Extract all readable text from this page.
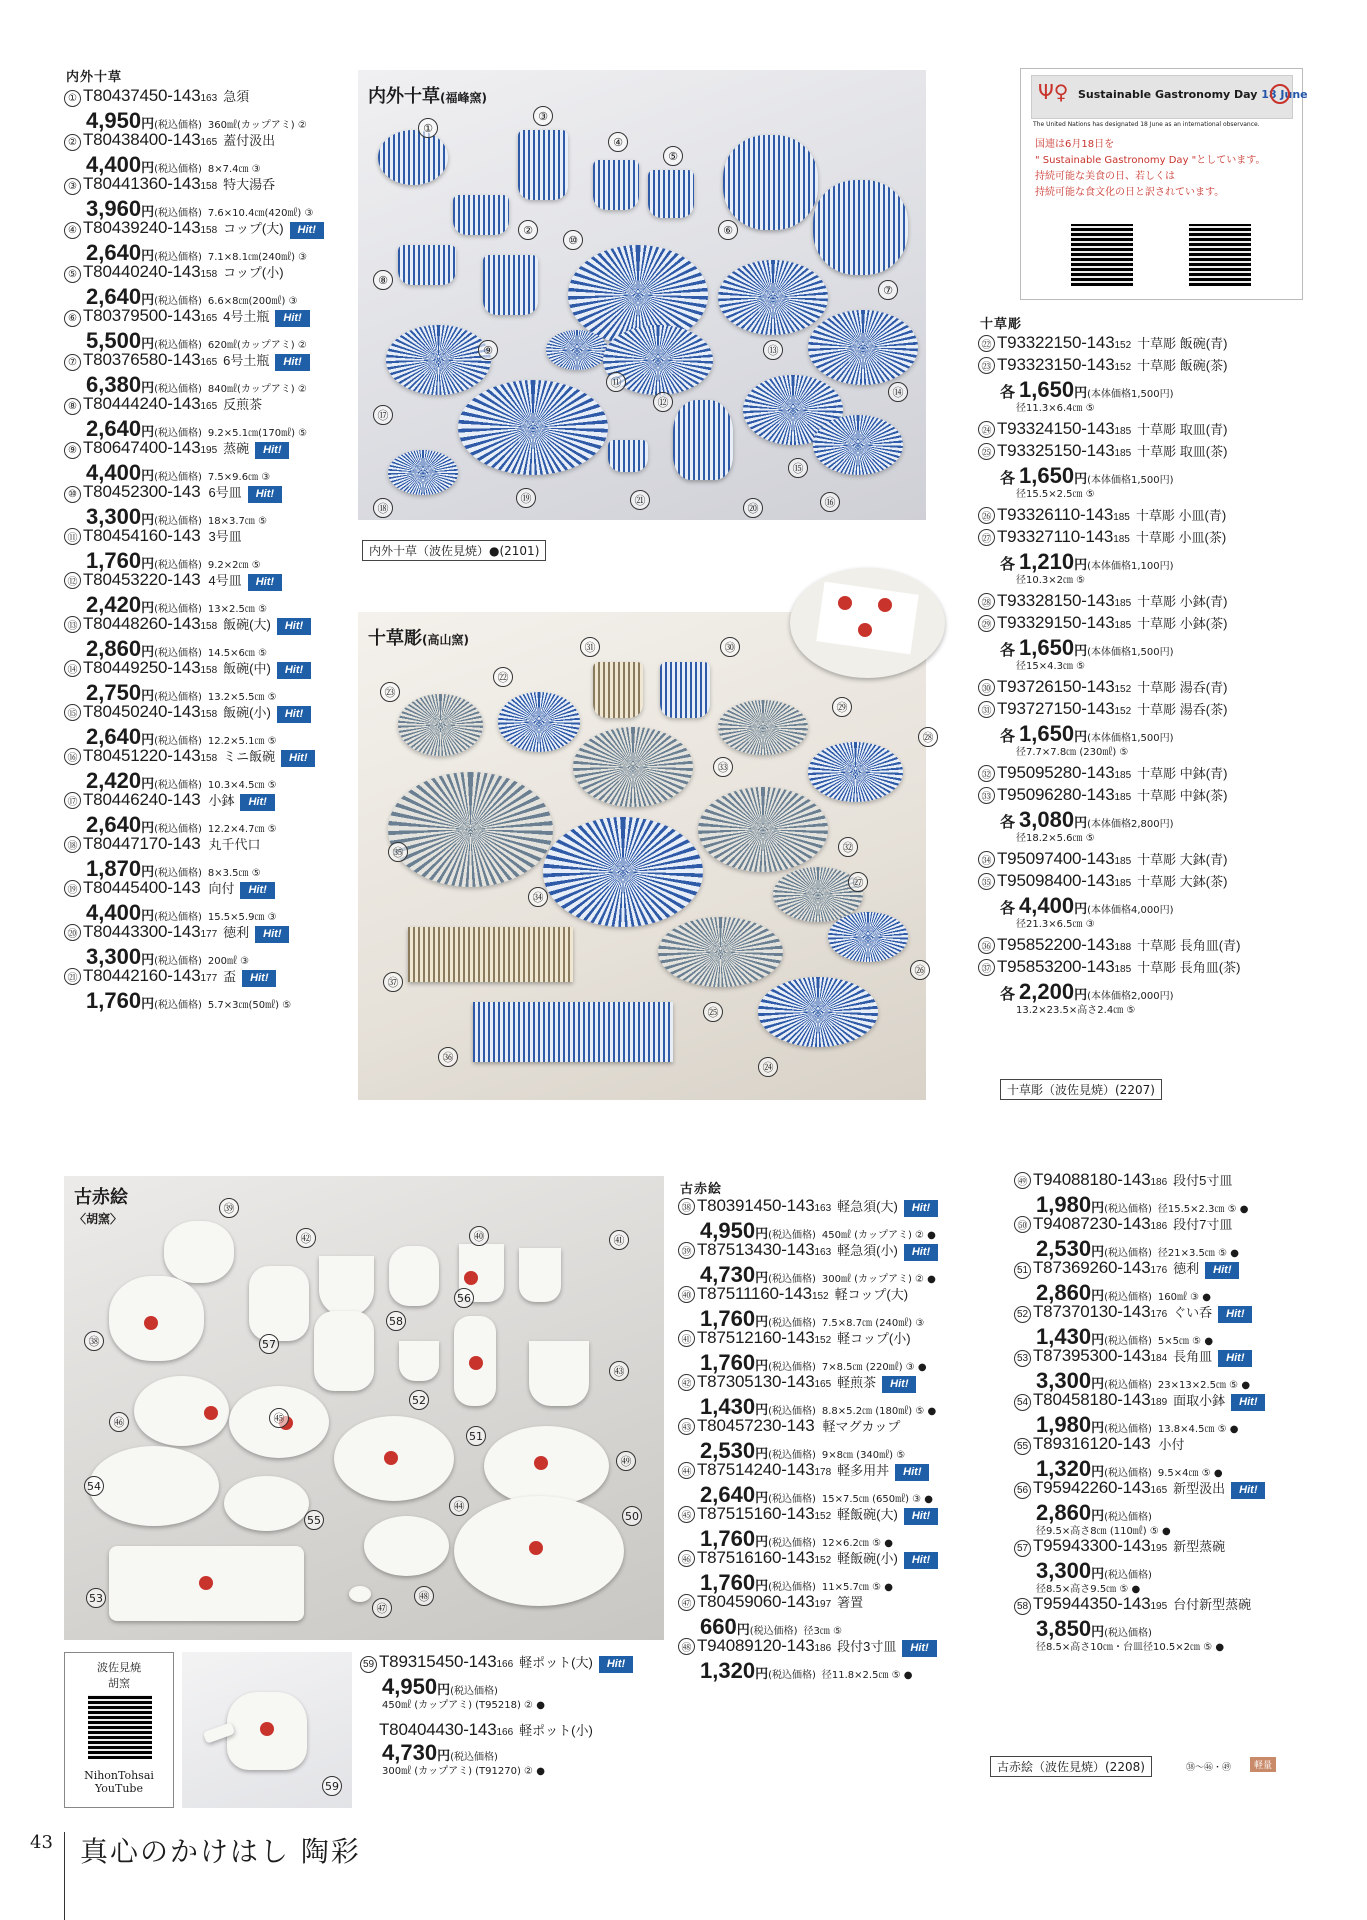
内外十草
① T80437450-143 163 急須
4,950 円 (税込価格) 360㎖(カップアミ) ②
② T80438400-143 165 蓋付汲出
4,400 円 (税込価格) 8×7.4㎝ ③
③ T80441360-143 158 特大湯呑
3,960 円 (税込価格) 7.6×10.4㎝(420㎖) ③
④ T80439240-143 158 コップ(大)	Hit!
2,640 円 (税込価格) 7.1×8.1㎝(240㎖) ③
⑤ T80440240-143 158 コップ(小)
2,640 円 (税込価格) 6.6×8㎝(200㎖) ③
⑥ T80379500-143 165 4号土瓶	Hit!
5,500 円 (税込価格) 620㎖(カップアミ) ②
⑦ T80376580-143 165 6号土瓶	Hit!
6,380 円 (税込価格) 840㎖(カップアミ) ②
⑧ T80444240-143 165 反煎茶
2,640 円 (税込価格) 9.2×5.1㎝(170㎖) ⑤
⑨ T80647400-143 195 蒸碗	Hit!
4,400 円 (税込価格) 7.5×9.6㎝ ③
⑩ T80452300-143 6号皿	Hit!
3,300 円 (税込価格) 18×3.7㎝ ⑤
⑪ T80454160-143 3号皿
1,760 円 (税込価格) 9.2×2㎝ ⑤
⑫ T80453220-143 4号皿	Hit!
2,420 円 (税込価格) 13×2.5㎝ ⑤
⑬ T80448260-143 158 飯碗(大)	Hit!
2,860 円 (税込価格) 14.5×6㎝ ⑤
⑭ T80449250-143 158 飯碗(中)	Hit!
2,750 円 (税込価格) 13.2×5.5㎝ ⑤
⑮ T80450240-143 158 飯碗(小)	Hit!
2,640 円 (税込価格) 12.2×5.1㎝ ⑤
⑯ T80451220-143 158 ミニ飯碗	Hit!
2,420 円 (税込価格) 10.3×4.5㎝ ⑤
⑰ T80446240-143 小鉢	Hit!
2,640 円 (税込価格) 12.2×4.7㎝ ⑤
⑱ T80447170-143 丸千代口
1,870 円 (税込価格) 8×3.5㎝ ⑤
⑲ T80445400-143 向付	Hit!
4,400 円 (税込価格) 15.5×5.9㎝ ③
⑳ T80443300-143 177 徳利	Hit!
3,300 円 (税込価格) 200㎖ ③
㉑ T80442160-143 177 盃	Hit!
1,760 円 (税込価格) 5.7×3㎝(50㎖) ⑤
内外十草(福峰窯)
①
③
④
⑤
②	⑥
⑦
⑧
⑨
⑩
⑪
⑫
⑬
⑭
⑮
⑯
⑰
⑱
⑲
⑳
㉑
内外十草（波佐見焼）●(2101)
Ψ♀ Sustainable Gastronomy Day 18 June
The United Nations has designated 18 June as an international observance.
国連は6月18日を
" Sustainable Gastronomy Day "としています。
持続可能な美食の日、若しくは
持続可能な食文化の日と訳されています。
十草彫
㉒ T93322150-143 152 十草彫 飯碗(青)
㉓ T93323150-143 152 十草彫 飯碗(茶)
各 1,650 円 (本体価格1,500円)
径11.3×6.4㎝ ⑤
㉔ T93324150-143 185 十草彫 取皿(青)
㉕ T93325150-143 185 十草彫 取皿(茶)
各 1,650 円 (本体価格1,500円)
径15.5×2.5㎝ ⑤
㉖ T93326110-143 185 十草彫 小皿(青)
㉗ T93327110-143 185 十草彫 小皿(茶)
各 1,210 円 (本体価格1,100円)
径10.3×2㎝ ⑤
㉘ T93328150-143 185 十草彫 小鉢(青)
㉙ T93329150-143 185 十草彫 小鉢(茶)
各 1,650 円 (本体価格1,500円)
径15×4.3㎝ ⑤
㉚ T93726150-143 152 十草彫 湯呑(青)
㉛ T93727150-143 152 十草彫 湯呑(茶)
各 1,650 円 (本体価格1,500円)
径7.7×7.8㎝ (230㎖) ⑤
㉜ T95095280-143 185 十草彫 中鉢(青)
㉝ T95096280-143 185 十草彫 中鉢(茶)
各 3,080 円 (本体価格2,800円)
径18.2×5.6㎝ ⑤
㉞ T95097400-143 185 十草彫 大鉢(青)
㉟ T95098400-143 185 十草彫 大鉢(茶)
各 4,400 円 (本体価格4,000円)
径21.3×6.5㎝ ③
㊱ T95852200-143 188 十草彫 長角皿(青)
㊲ T95853200-143 185 十草彫 長角皿(茶)
各 2,200 円 (本体価格2,000円)
13.2×23.5×高さ2.4㎝ ⑤
十草彫(高山窯)
㉓
㉒
㉛	㉚
㉙
㉘
㉝
㉟	㉜
㉗
㉞
㉖
㊲
㉕
㊱
㉔
十草彫（波佐見焼）(2207)
古赤絵
〈胡窯〉
㊴
㊷	㊵	㊶
56
58
㊳	57
㊸
52
㊻	㊺
51
㊾
54
55
㊹
50
53
㊼
㊽
波佐見焼
胡窯
NihonTohsai
YouTube	59
59 T89315450-143 166 軽ポット(大)	Hit!
4,950 円 (税込価格)
450㎖ (カップアミ) (T95218) ② ●
T80404430-143 166 軽ポット(小)
4,730 円 (税込価格)
300㎖ (カップアミ) (T91270) ② ●
古赤絵
㊳ T80391450-143 163 軽急須(大)	Hit!
4,950 円 (税込価格) 450㎖ (カップアミ) ② ●
㊴ T87513430-143 163 軽急須(小)	Hit!
4,730 円 (税込価格) 300㎖ (カップアミ) ② ●
㊵ T87511160-143 152 軽コップ(大)
1,760 円 (税込価格) 7.5×8.7㎝ (240㎖) ③
㊶ T87512160-143 152 軽コップ(小)
1,760 円 (税込価格) 7×8.5㎝ (220㎖) ③ ●
㊷ T87305130-143 165 軽煎茶	Hit!
1,430 円 (税込価格) 8.8×5.2㎝ (180㎖) ⑤ ●
㊸ T80457230-143 軽マグカップ
2,530 円 (税込価格) 9×8㎝ (340㎖) ⑤
㊹ T87514240-143 178 軽多用丼	Hit!
2,640 円 (税込価格) 15×7.5㎝ (650㎖) ③ ●
㊺ T87515160-143 152 軽飯碗(大)	Hit!
1,760 円 (税込価格) 12×6.2㎝ ⑤ ●
㊻ T87516160-143 152 軽飯碗(小)	Hit!
1,760 円 (税込価格) 11×5.7㎝ ⑤ ●
㊼ T80459060-143 197 箸置
660 円 (税込価格) 径3㎝ ⑤
㊽ T94089120-143 186 段付3寸皿	Hit!
1,320 円 (税込価格) 径11.8×2.5㎝ ⑤ ●
㊾ T94088180-143 186 段付5寸皿
1,980 円 (税込価格) 径15.5×2.3㎝ ⑤ ●
㊿ T94087230-143 186 段付7寸皿
2,530 円 (税込価格) 径21×3.5㎝ ⑤ ●
51 T87369260-143 176 徳利	Hit!
2,860 円 (税込価格) 160㎖ ③ ●
52 T87370130-143 176 ぐい呑	Hit!
1,430 円 (税込価格) 5×5㎝ ⑤ ●
53 T87395300-143 184 長角皿	Hit!
3,300 円 (税込価格) 23×13×2.5㎝ ⑤ ●
54 T80458180-143 189 面取小鉢	Hit!
1,980 円 (税込価格) 13.8×4.5㎝ ⑤ ●
55 T89316120-143 小付
1,320 円 (税込価格) 9.5×4㎝ ⑤ ●
56 T95942260-143 165 新型汲出	Hit!
2,860 円 (税込価格)
径9.5×高さ8㎝ (110㎖) ⑤ ●
57 T95943300-143 195 新型蒸碗
3,300 円 (税込価格)
径8.5×高さ9.5㎝ ⑤ ●
58 T95944350-143 195 台付新型蒸碗
3,850 円 (税込価格)
径8.5×高さ10㎝・台皿径10.5×2㎝ ⑤ ●
古赤絵（波佐見焼）(2208)	㊳〜㊻・㊾	軽量
43 真心のかけはし 陶彩
